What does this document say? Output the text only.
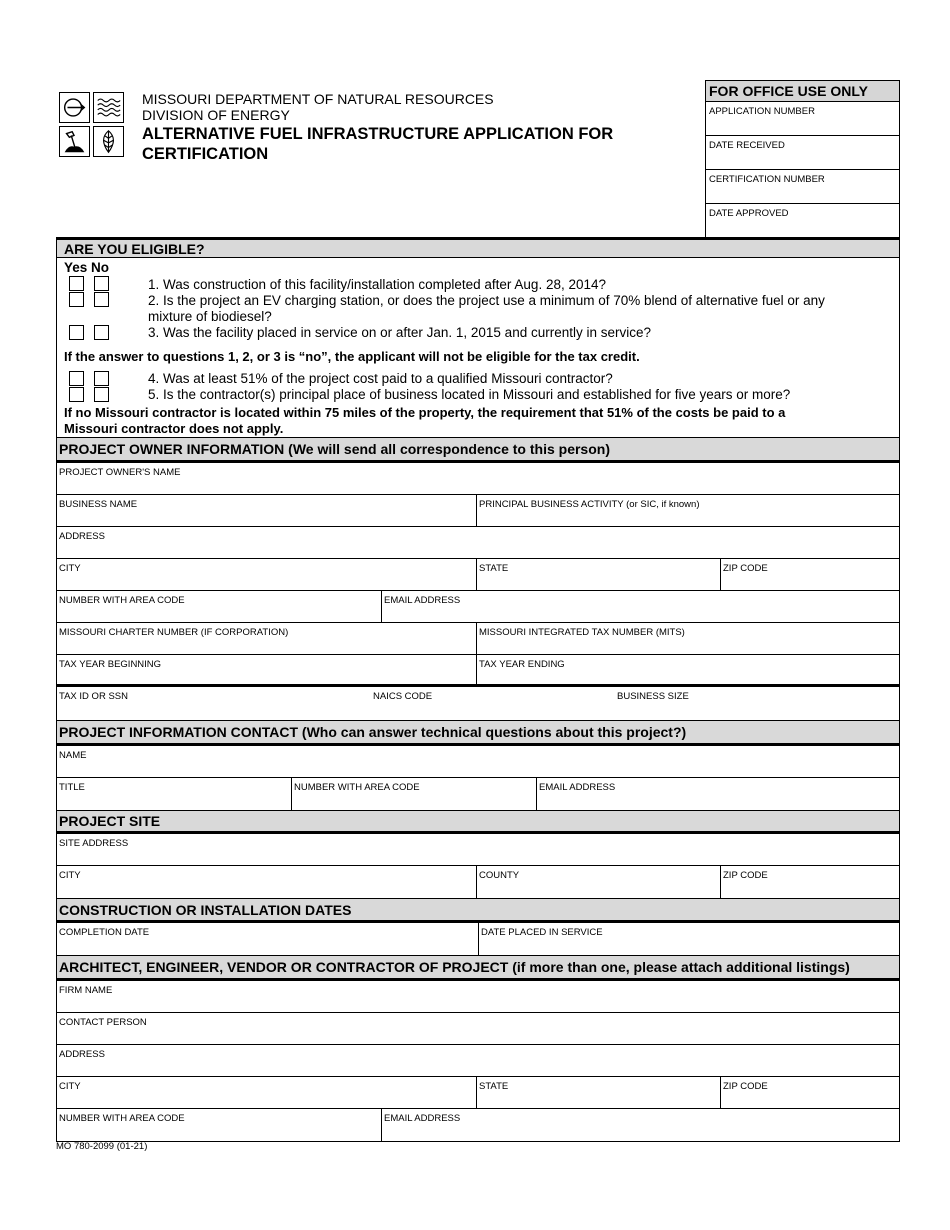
MISSOURI DEPARTMENT OF NATURAL RESOURCES
DIVISION OF ENERGY
ALTERNATIVE FUEL INFRASTRUCTURE APPLICATION FOR CERTIFICATION
FOR OFFICE USE ONLY
APPLICATION NUMBER
DATE RECEIVED
CERTIFICATION NUMBER
DATE APPROVED
ARE YOU ELIGIBLE?
Yes No
1. Was construction of this facility/installation completed after Aug. 28, 2014?
2. Is the project an EV charging station, or does the project use a minimum of 70% blend of alternative fuel or any
mixture of biodiesel?
3. Was the facility placed in service on or after Jan. 1, 2015 and currently in service?
If the answer to questions 1, 2, or 3 is “no”, the applicant will not be eligible for the tax credit.
4. Was at least 51% of the project cost paid to a qualified Missouri contractor?
5. Is the contractor(s) principal place of business located in Missouri and established for five years or more?
If no Missouri contractor is located within 75 miles of the property, the requirement that 51% of the costs be paid to a
Missouri contractor does not apply.
PROJECT OWNER INFORMATION (We will send all correspondence to this person)
PROJECT OWNER'S NAME
BUSINESS NAME	PRINCIPAL BUSINESS ACTIVITY (or SIC, if known)
ADDRESS
CITY	STATE	ZIP CODE
NUMBER WITH AREA CODE	EMAIL ADDRESS
MISSOURI CHARTER NUMBER (IF CORPORATION)	MISSOURI INTEGRATED TAX NUMBER (MITS)
TAX YEAR BEGINNING	TAX YEAR ENDING
TAX ID OR SSN	NAICS CODE	BUSINESS SIZE
PROJECT INFORMATION CONTACT (Who can answer technical questions about this project?)
NAME
TITLE	NUMBER WITH AREA CODE	EMAIL ADDRESS
PROJECT SITE
SITE ADDRESS
CITY	COUNTY	ZIP CODE
CONSTRUCTION OR INSTALLATION DATES
COMPLETION DATE	DATE PLACED IN SERVICE
ARCHITECT, ENGINEER, VENDOR OR CONTRACTOR OF PROJECT (if more than one, please attach additional listings)
FIRM NAME
CONTACT PERSON
ADDRESS
CITY	STATE	ZIP CODE
NUMBER WITH AREA CODE	EMAIL ADDRESS
MO 780-2099 (01-21)
